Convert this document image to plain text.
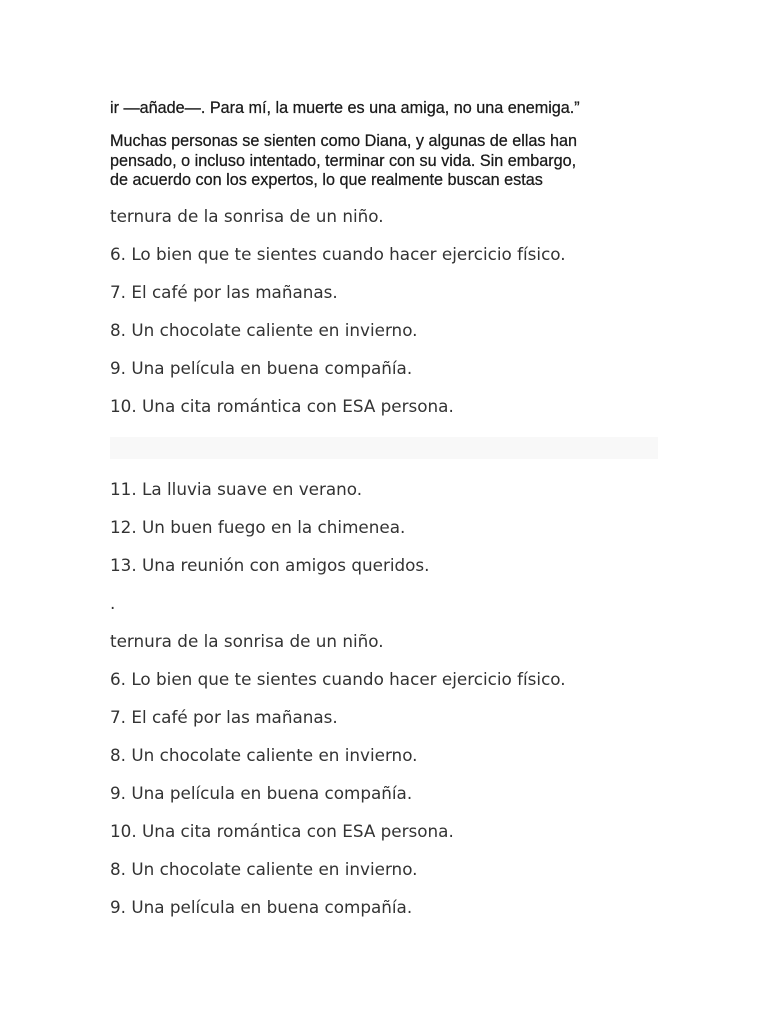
ir —añade—. Para mí, la muerte es una amiga, no una enemiga.”

Muchas personas se sienten como Diana, y algunas de ellas han
pensado, o incluso intentado, terminar con su vida. Sin embargo,
de acuerdo con los expertos, lo que realmente buscan estas

ternura de la sonrisa de un niño.

6. Lo bien que te sientes cuando hacer ejercicio físico.

7. El café por las mañanas.

8. Un chocolate caliente en invierno.

9. Una película en buena compañía.

10. Una cita romántica con ESA persona.

11. La lluvia suave en verano.

12. Un buen fuego en la chimenea.

13. Una reunión con amigos queridos.

.

ternura de la sonrisa de un niño.

6. Lo bien que te sientes cuando hacer ejercicio físico.

7. El café por las mañanas.

8. Un chocolate caliente en invierno.

9. Una película en buena compañía.

10. Una cita romántica con ESA persona.

8. Un chocolate caliente en invierno.

9. Una película en buena compañía.
